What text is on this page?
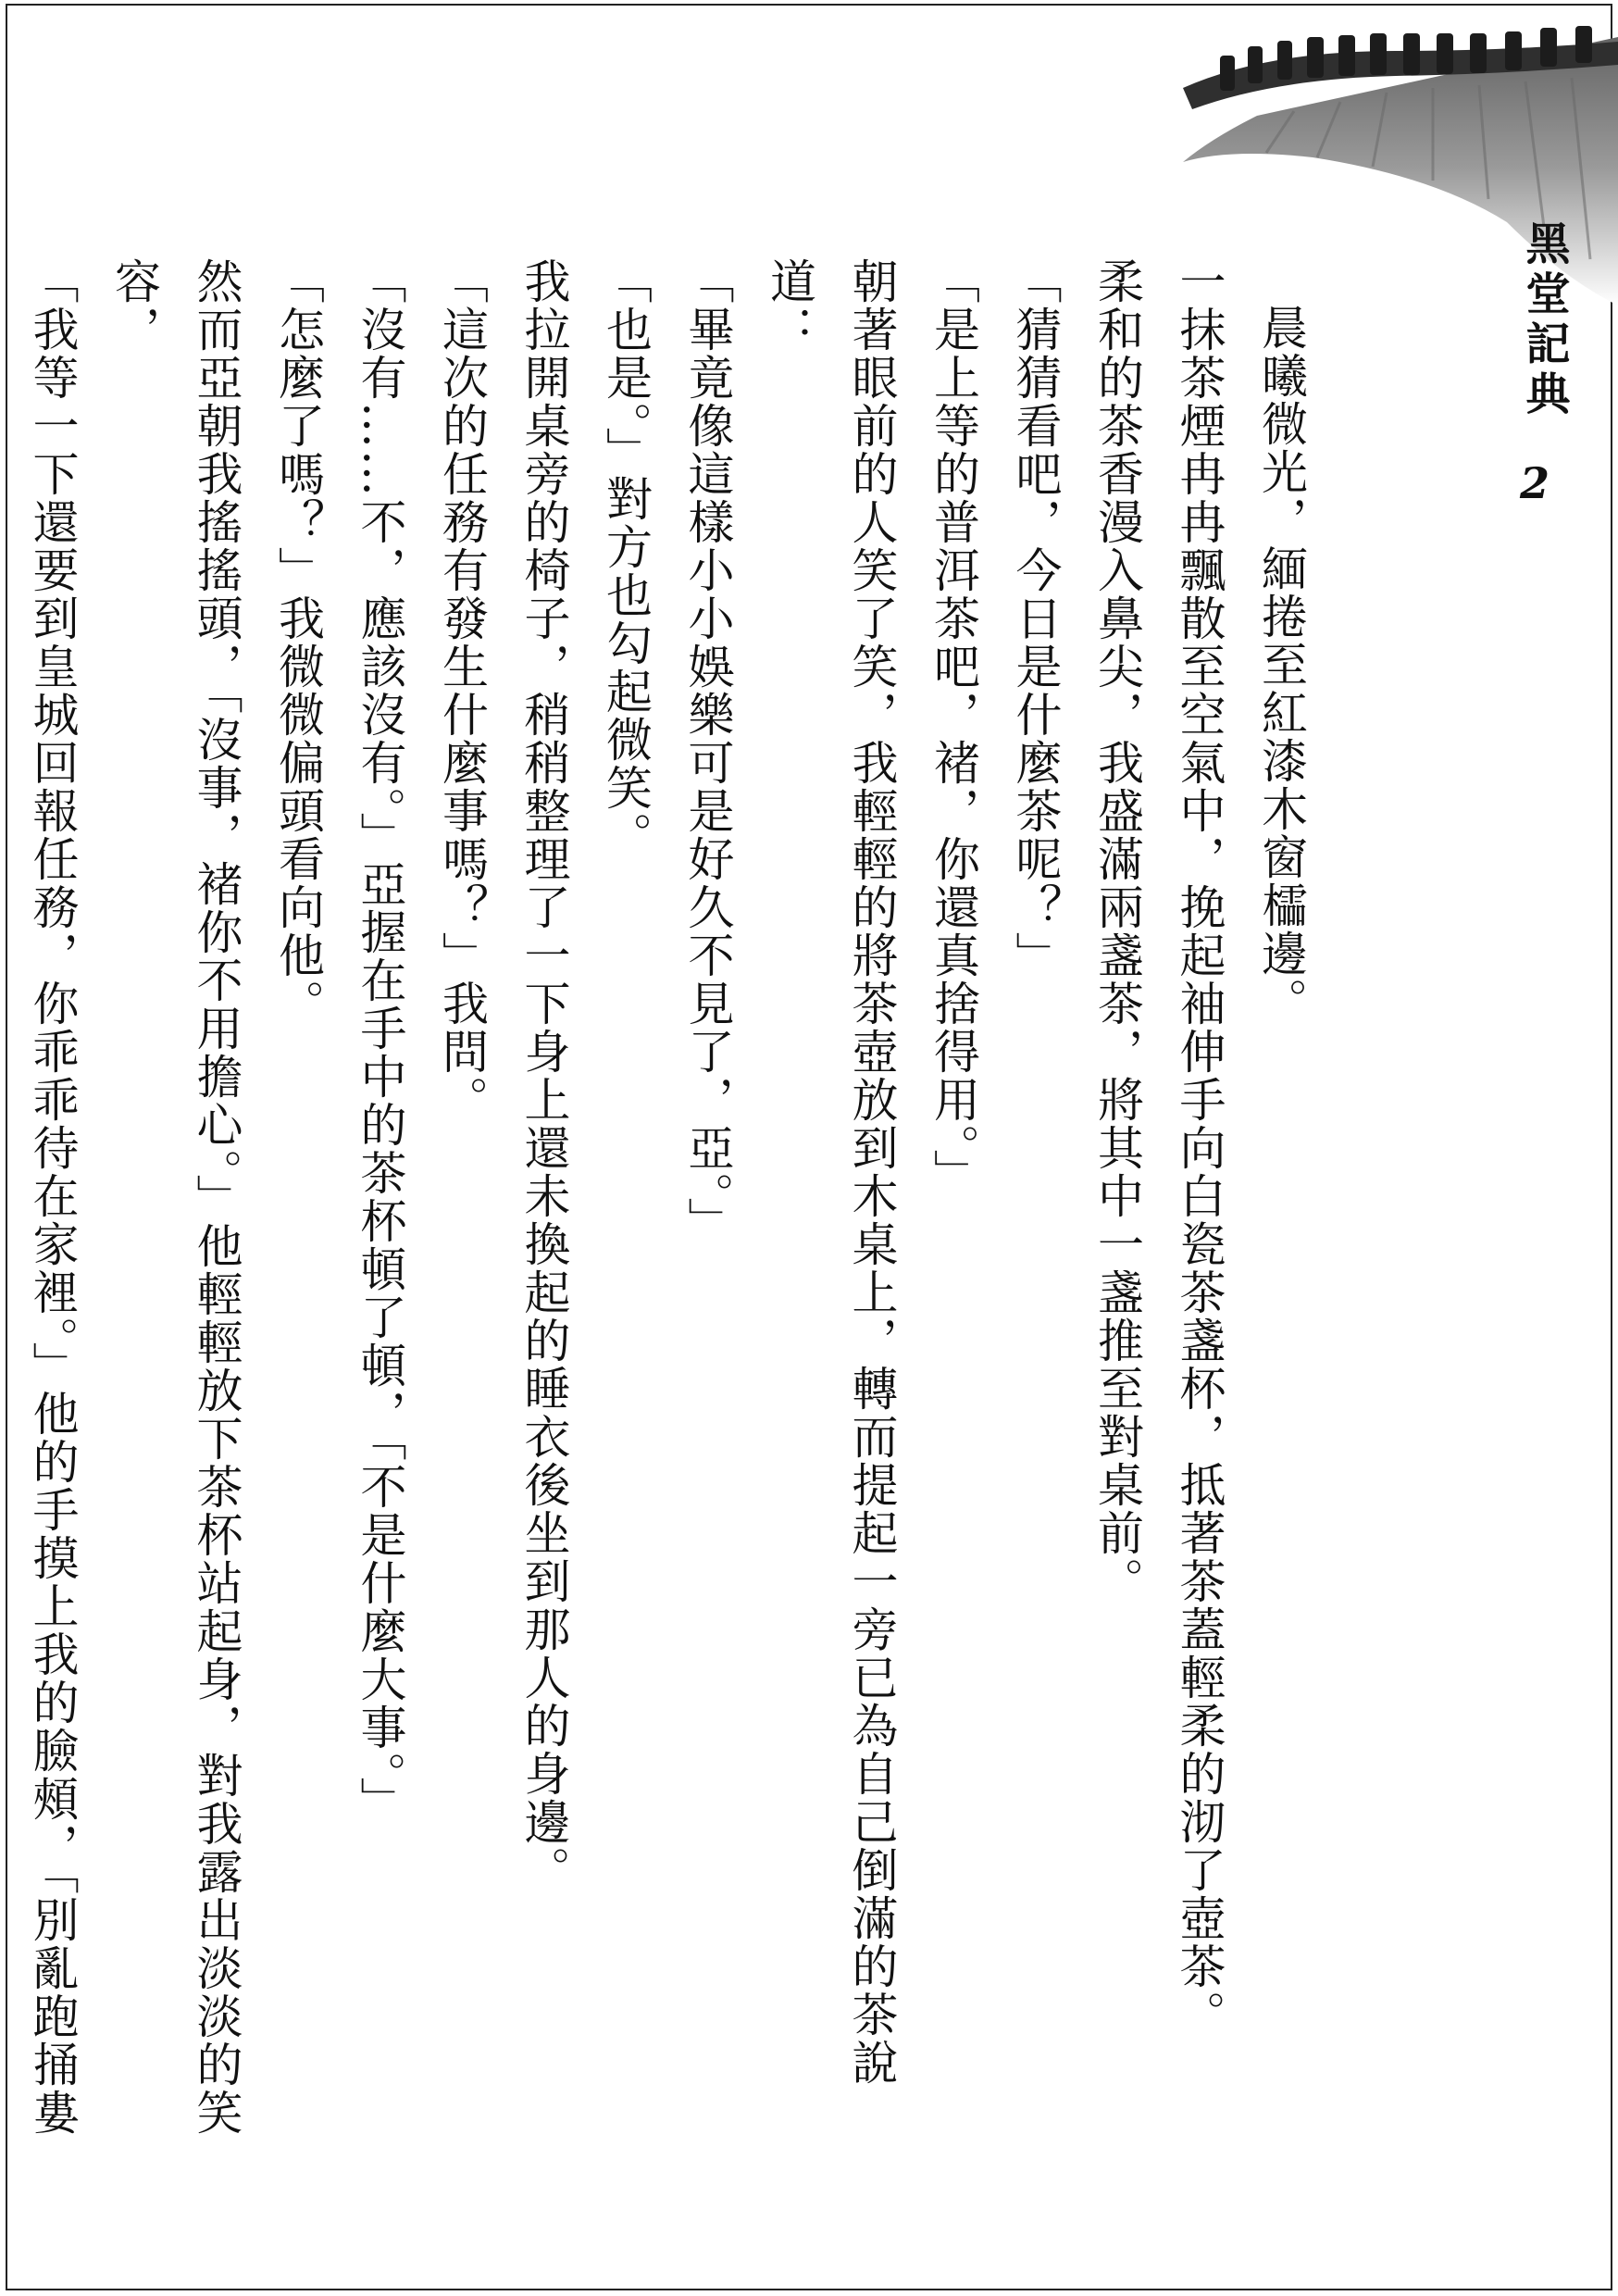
黑堂記典
2

晨曦微光，緬捲至紅漆木窗櫺邊。

一抹茶煙冉冉飄散至空氣中，挽起袖伸手向白瓷茶盞杯，抵著茶蓋輕柔的沏了壺茶。

柔和的茶香漫入鼻尖，我盛滿兩盞茶，將其中一盞推至對桌前。

「猜猜看吧，今日是什麼茶呢？」

「是上等的普洱茶吧，褚，你還真捨得用。」

朝著眼前的人笑了笑，我輕輕的將茶壺放到木桌上，轉而提起一旁已為自己倒滿的茶說道：

「畢竟像這樣小小娛樂可是好久不見了，亞。」

「也是。」對方也勾起微笑。

我拉開桌旁的椅子，稍稍整理了一下身上還未換起的睡衣後坐到那人的身邊。

「這次的任務有發生什麼事嗎？」我問。

「沒有……不，應該沒有。」亞握在手中的茶杯頓了頓，「不是什麼大事。」

「怎麼了嗎？」我微微偏頭看向他。

然而亞朝我搖搖頭，「沒事，褚你不用擔心。」他輕輕放下茶杯站起身，對我露出淡淡的笑容，

「我等一下還要到皇城回報任務，你乖乖待在家裡。」他的手摸上我的臉頰，「別亂跑捅婁
